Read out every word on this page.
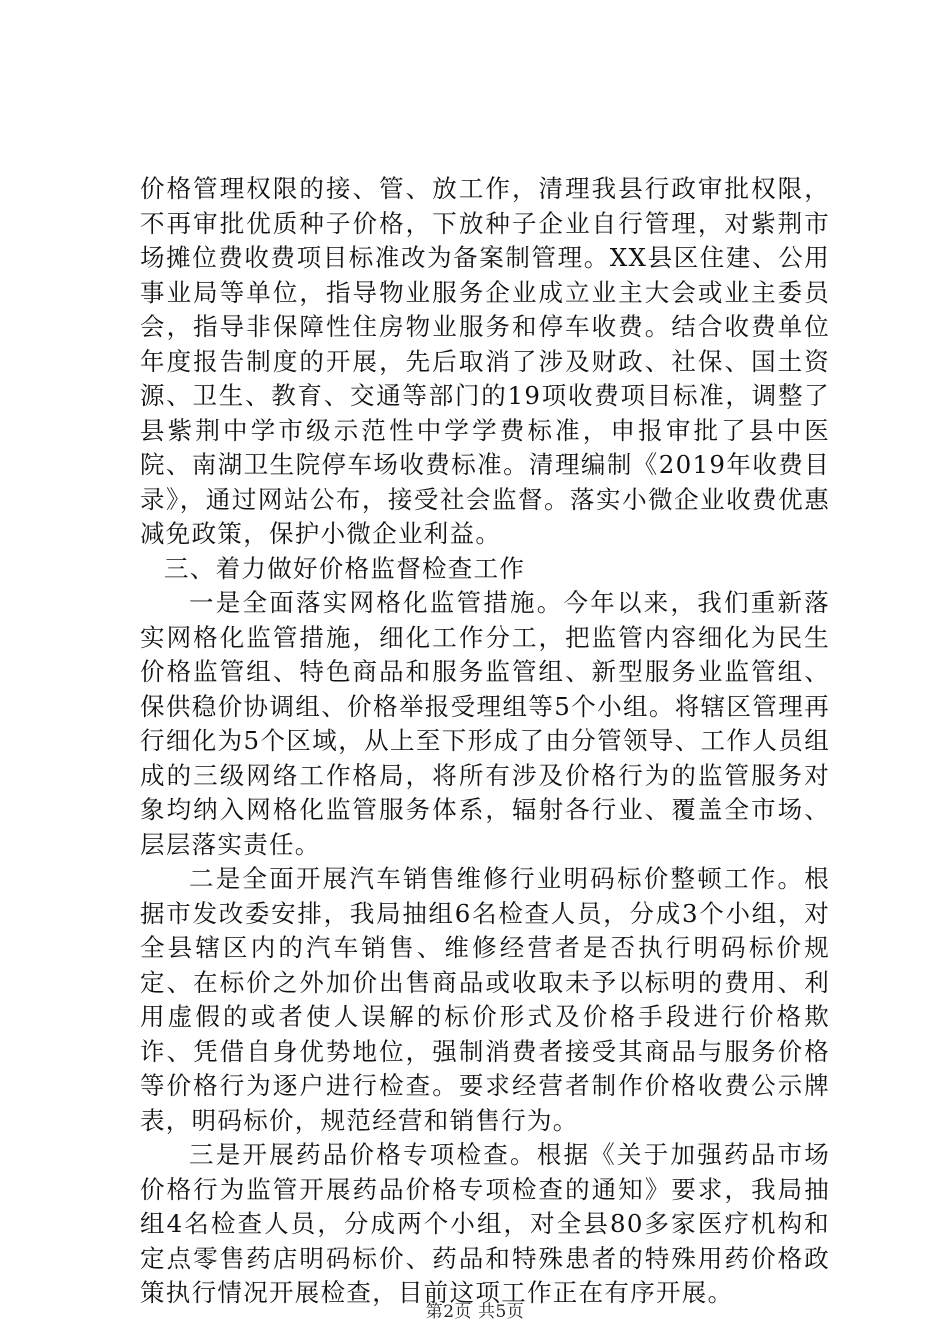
价格管理权限的接、管、放工作，清理我县行政审批权限，不再审批优质种子价格，下放种子企业自行管理，对紫荆市场摊位费收费项目标准改为备案制管理。XX县区住建、公用事业局等单位，指导物业服务企业成立业主大会或业主委员会，指导非保障性住房物业服务和停车收费。结合收费单位年度报告制度的开展，先后取消了涉及财政、社保、国土资源、卫生、教育、交通等部门的19项收费项目标准，调整了县紫荆中学市级示范性中学学费标准，申报审批了县中医院、南湖卫生院停车场收费标准。清理编制《2019年收费目录》，通过网站公布，接受社会监督。落实小微企业收费优惠减免政策，保护小微企业利益。

三、着力做好价格监督检查工作

一是全面落实网格化监管措施。今年以来，我们重新落实网格化监管措施，细化工作分工，把监管内容细化为民生价格监管组、特色商品和服务监管组、新型服务业监管组、保供稳价协调组、价格举报受理组等5个小组。将辖区管理再行细化为5个区域，从上至下形成了由分管领导、工作人员组成的三级网络工作格局，将所有涉及价格行为的监管服务对象均纳入网格化监管服务体系，辐射各行业、覆盖全市场、层层落实责任。

二是全面开展汽车销售维修行业明码标价整顿工作。根据市发改委安排，我局抽组6名检查人员，分成3个小组，对全县辖区内的汽车销售、维修经营者是否执行明码标价规定、在标价之外加价出售商品或收取未予以标明的费用、利用虚假的或者使人误解的标价形式及价格手段进行价格欺诈、凭借自身优势地位，强制消费者接受其商品与服务价格等价格行为逐户进行检查。要求经营者制作价格收费公示牌表，明码标价，规范经营和销售行为。

三是开展药品价格专项检查。根据《关于加强药品市场价格行为监管开展药品价格专项检查的通知》要求，我局抽组4名检查人员，分成两个小组，对全县80多家医疗机构和定点零售药店明码标价、药品和特殊患者的特殊用药价格政策执行情况开展检查，目前这项工作正在有序开展。

第2页 共5页
